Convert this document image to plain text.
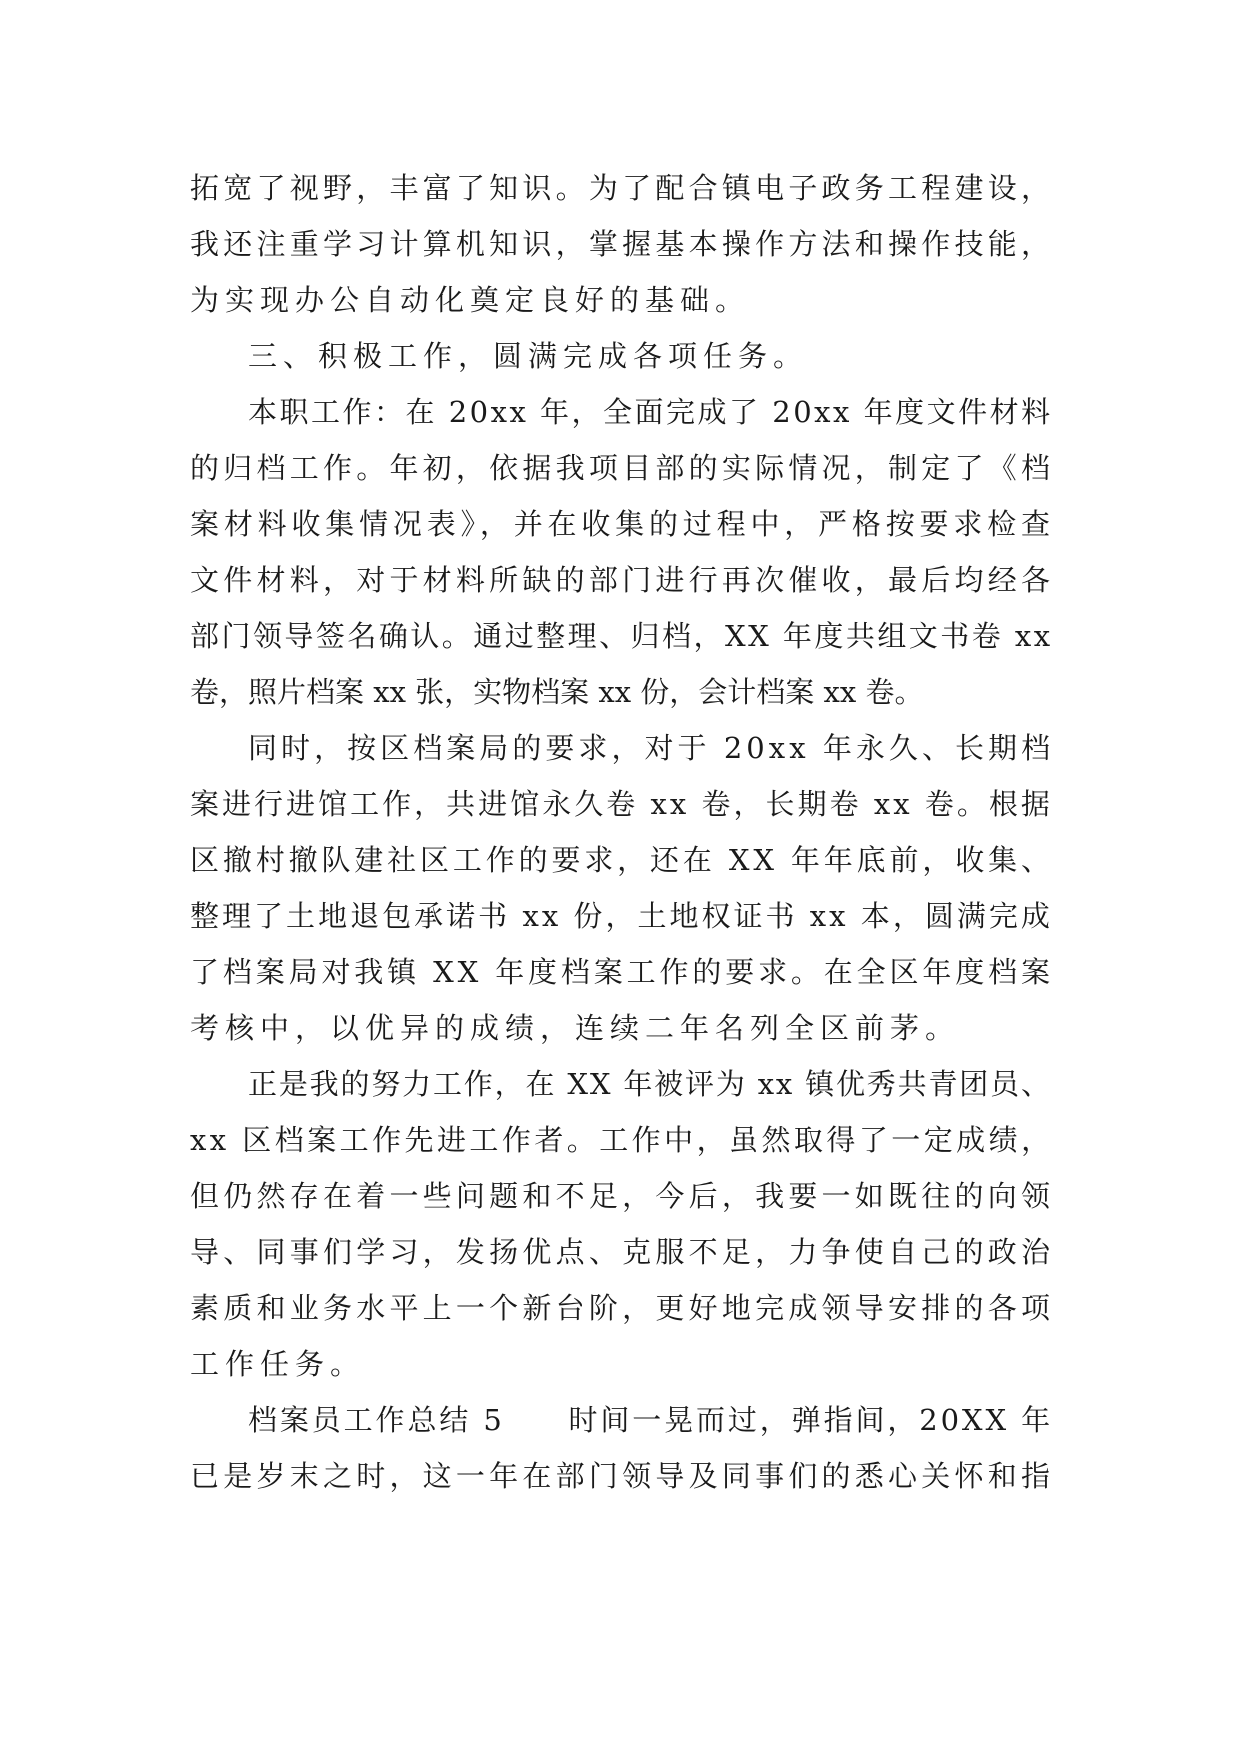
拓宽了视野，丰富了知识。为了配合镇电子政务工程建设，
我还注重学习计算机知识，掌握基本操作方法和操作技能，
为实现办公自动化奠定良好的基础。
三、积极工作，圆满完成各项任务。
本职工作：在 20xx 年，全面完成了 20xx 年度文件材料
的归档工作。年初，依据我项目部的实际情况，制定了《档
案材料收集情况表》，并在收集的过程中，严格按要求检查
文件材料，对于材料所缺的部门进行再次催收，最后均经各
部门领导签名确认。通过整理、归档，XX 年度共组文书卷 xx
卷，照片档案 xx 张，实物档案 xx 份，会计档案 xx 卷。
同时，按区档案局的要求，对于 20xx 年永久、长期档
案进行进馆工作，共进馆永久卷 xx 卷，长期卷 xx 卷。根据
区撤村撤队建社区工作的要求，还在 XX 年年底前，收集、
整理了土地退包承诺书 xx 份，土地权证书 xx 本，圆满完成
了档案局对我镇 XX 年度档案工作的要求。在全区年度档案
考核中，以优异的成绩，连续二年名列全区前茅。
正是我的努力工作，在 XX 年被评为 xx 镇优秀共青团员、
xx 区档案工作先进工作者。工作中，虽然取得了一定成绩，
但仍然存在着一些问题和不足，今后，我要一如既往的向领
导、同事们学习，发扬优点、克服不足，力争使自己的政治
素质和业务水平上一个新台阶，更好地完成领导安排的各项
工作任务。
档案员工作总结 5　　时间一晃而过，弹指间，20XX 年
已是岁末之时，这一年在部门领导及同事们的悉心关怀和指
